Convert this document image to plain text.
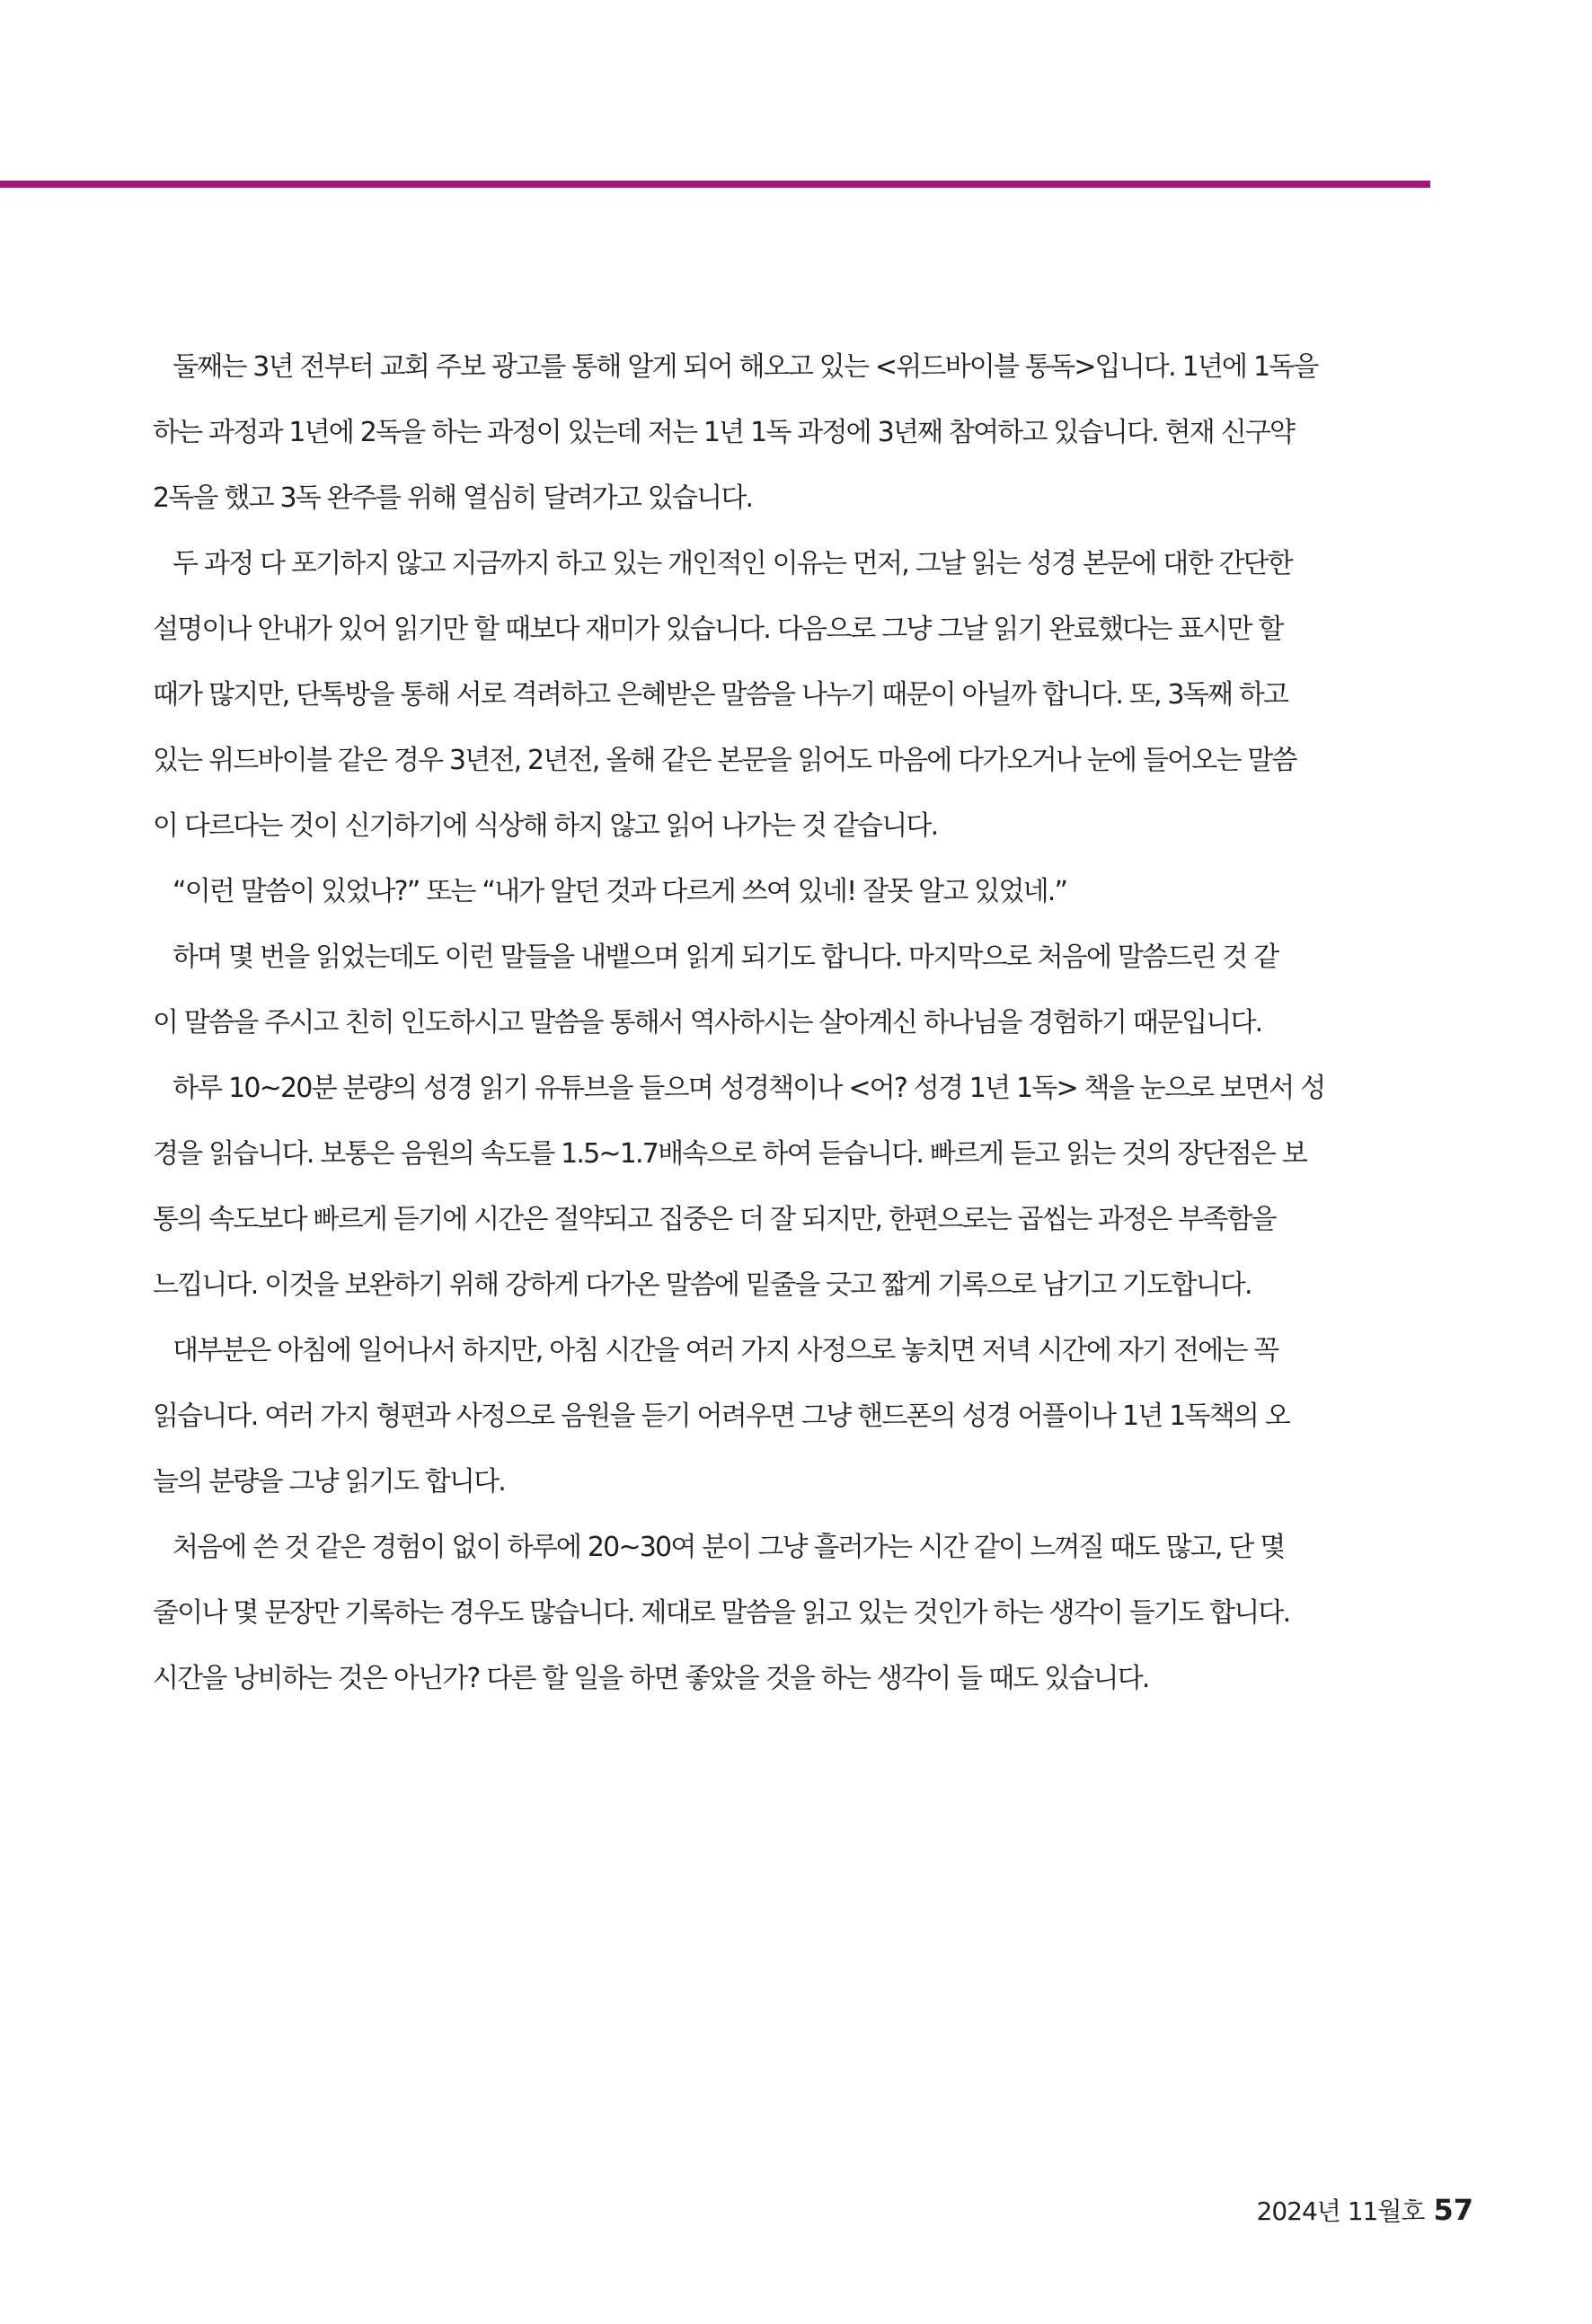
둘째는 3년 전부터 교회 주보 광고를 통해 알게 되어 해오고 있는 <위드바이블 통독>입니다. 1년에 1독을
하는 과정과 1년에 2독을 하는 과정이 있는데 저는 1년 1독 과정에 3년째 참여하고 있습니다. 현재 신구약
2독을 했고 3독 완주를 위해 열심히 달려가고 있습니다.
두 과정 다 포기하지 않고 지금까지 하고 있는 개인적인 이유는 먼저, 그날 읽는 성경 본문에 대한 간단한
설명이나 안내가 있어 읽기만 할 때보다 재미가 있습니다. 다음으로 그냥 그날 읽기 완료했다는 표시만 할
때가 많지만, 단톡방을 통해 서로 격려하고 은혜받은 말씀을 나누기 때문이 아닐까 합니다. 또, 3독째 하고
있는 위드바이블 같은 경우 3년전, 2년전, 올해 같은 본문을 읽어도 마음에 다가오거나 눈에 들어오는 말씀
이 다르다는 것이 신기하기에 식상해 하지 않고 읽어 나가는 것 같습니다.
“이런 말씀이 있었나?” 또는 “내가 알던 것과 다르게 쓰여 있네! 잘못 알고 있었네.”
하며 몇 번을 읽었는데도 이런 말들을 내뱉으며 읽게 되기도 합니다. 마지막으로 처음에 말씀드린 것 같
이 말씀을 주시고 친히 인도하시고 말씀을 통해서 역사하시는 살아계신 하나님을 경험하기 때문입니다.
하루 10~20분 분량의 성경 읽기 유튜브을 들으며 성경책이나 <어? 성경 1년 1독> 책을 눈으로 보면서 성
경을 읽습니다. 보통은 음원의 속도를 1.5~1.7배속으로 하여 듣습니다. 빠르게 듣고 읽는 것의 장단점은 보
통의 속도보다 빠르게 듣기에 시간은 절약되고 집중은 더 잘 되지만, 한편으로는 곱씹는 과정은 부족함을
느낍니다. 이것을 보완하기 위해 강하게 다가온 말씀에 밑줄을 긋고 짧게 기록으로 남기고 기도합니다.
대부분은 아침에 일어나서 하지만, 아침 시간을 여러 가지 사정으로 놓치면 저녁 시간에 자기 전에는 꼭
읽습니다. 여러 가지 형편과 사정으로 음원을 듣기 어려우면 그냥 핸드폰의 성경 어플이나 1년 1독책의 오
늘의 분량을 그냥 읽기도 합니다.
처음에 쓴 것 같은 경험이 없이 하루에 20~30여 분이 그냥 흘러가는 시간 같이 느껴질 때도 많고, 단 몇
줄이나 몇 문장만 기록하는 경우도 많습니다. 제대로 말씀을 읽고 있는 것인가 하는 생각이 들기도 합니다.
시간을 낭비하는 것은 아닌가? 다른 할 일을 하면 좋았을 것을 하는 생각이 들 때도 있습니다.
2024년 11월호 57
